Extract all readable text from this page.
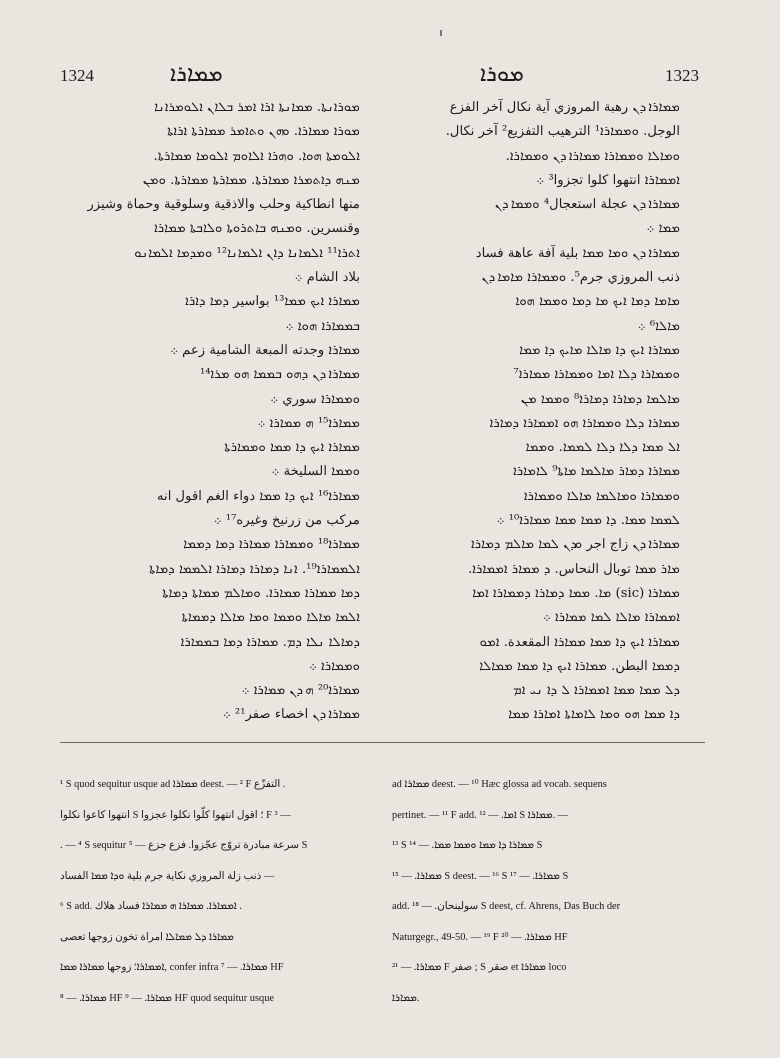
1324	ܡܡܐܪܐ	ܡܘܪܐ	1323

ܡܘܪܐܢܬܐ. ܡܡܐܢܬܐ ܐܪܐ ܐܡܪ ܒܠܐܢ ܐܠܘܡܪܐܢܐ

ܡܘܪܐ ܡܡܐܪܐ. ܘܗܢ ܘܬܐܡܪ ܡܡܐܪܬܐ ܐܪܐܬܐ

ܐܠܘܡܬܐ ܗܘܐ. ܘܗܪܐ ܐܠܐܘܡ ܐܠܘܡܐ ܡܡܐܪܬܐ.

ܡܢܗ ܕܐܬܡܪܐ ܡܡܐܪܬܐ. ܡܡܐܪܬܐ ܡܡܐܪܬܐ. ܘܡܢ

منها انطاكية وحلب والاذقية وسلوقية وحماة وشيزر

وقنسرين. ܘܡܢܗ ܒܐܬܪܘܬܐ ܘܠܐܒܬܐ ܡܡܐܪܐ

ܐܬܪܐ¹¹ ܐܠܡܐܢܐ ܕܐܢ ܐܠܡܐܢܐ¹² ܘܡܕܡܐ ܐܠܡܐܢܘ

بلاد الشام ܀

ܡܡܐܪܐ ܐܝܟ ܡܡܐ¹³ بواسير ܕܡܐ ܕܐܪܐ

ܒܡܡܐܪܐ ܗܘܐ ܀

ܡܡܐܪܐ وجدته المبعة الشامية زعم ܀

ܡܡܐܪܐ ܕܢ ܕܗܘ ܒܡܡܐ ܗܘ ܡܪܐ¹⁴

ܘܡܡܐܪܐ سوري ܀

ܡܡܐܪܐ¹⁵ ܗ ܡܡܐܪܐ ܀

ܡܡܐܪܐ ܐܝܟ ܕܐ ܡܡܐ ܘܡܡܐܪܬܐ

ܘܡܡܐ السليخة ܀

ܡܡܐܪܐ¹⁶ ܐܝܟ ܕܐ ܡܡܐ دواء الغم اقول انه

مركب من زرنيخ وغيره¹⁷ ܀

ܡܡܐܪܐ¹⁸ ܘܡܡܐܪܐ ܡܡܐܪܐ ܕܡܐ ܕܡܡܐ

ܐܠܡܡܐܪܐ¹⁹. ܐܢܐ ܕܡܐܪܐ ܕܡܐܪܐ ܐܠܡܡܐ ܕܡܐܬܐ

ܕܡܐ ܡܡܐܪܐ ܡܡܐܪܐ. ܘܡܐܠܡ ܡܡܐܬܐ ܕܡܐܬܐ

ܐܠܡܐ ܡܐܠܐ ܘܡܡܐ ܘܡܐ ܡܐܠܐ ܕܡܡܐܬܐ

ܕܡܐܠܐ ܢܠܐ ܕܡ. ܡܡܐܪܐ ܕܡܐ ܒܡܡܐܪܐ

ܘܡܡܐܪܐ ܀

ܡܡܐܪܐ²⁰ ܗ ܕܢ ܡܡܐܪܐ ܀

ܡܡܐܪܐ ܕܢ اخصاء صفر²¹ ܀

ܡܡܐܪܐ ܕܢ رهبة المروزي آية نكال آخر الفزع

الوجل. ܘܡܡܐܪܐ¹ الترهيب التفزيع² آخر نكال.

ܘܡܐܠܐ ܘܡܡܐܪܐ ܡܡܐܪܐ ܕܢ ܘܡܡܐܪܐ.

ܐܡܡܐܪܐ انتهوا كلوا تجزوا³ ܀

ܡܡܐܪܐ ܕܢ عجلة استعجال⁴ ܘܡܡܐ ܕܢ

ܡܡܐ ܀

ܡܡܐܪܐ ܕܢ ܘܡܐ ܡܡܐ بلية آفة عاهة فساد

ذنب المروزي جرم⁵. ܘܡܡܐܪܐ ܡܐܡܐ ܕܢ

ܡܐܡܐ ܕܡܐ ܐܝܟ ܡܐ ܕܡܐ ܘܡܡܐ ܗܘܐ

ܡܐܠܐ⁶ ܀

ܡܡܐܪܐ ܐܝܟ ܕܐ ܡܐܠܐ ܡܐܝܟ ܕܐ ܡܡܐ

ܘܡܡܐܪܐ ܕܠܐ ܐܡܐ ܘܡܡܐܪܐ ܡܡܐܪܐ⁷

ܡܐܠܡܐ ܕܡܐܪܐ ܕܡܐܪܐ⁸ ܘܡܡܐ ܡܢ

ܡܡܐܪܐ ܕܠܐ ܘܡܡܐܪܐ ܗܘ ܐܡܡܐܪܐ ܕܡܐܪܐ

ܐܠ ܡܡܐ ܕܠܐ ܕܠܐ ܠܡܡܐ. ܘܡܡܐ

ܡܡܐܪܐ ܕܡܐܪ ܡܐܠܡܐ ܡܐܬܐ⁹ ܠܐܡܐܪܐ

ܘܡܡܐܪܐ ܘܡܐܠܡܐ ܡܐܠܐ ܘܡܡܐܪܐ

ܠܡܡܐ ܡܡܐ. ܕܐ ܡܡܐ ܡܡܐ ܡܡܐܪܐ¹⁰ ܀

ܡܡܐܪܐ ܕܢ زاج اجر ܘܕܢ ܠܡܐ ܡܐܠܡ ܕܡܐܪܐ

ܡܐܪ ܡܡܐ توبال النحاس. ܕ ܡܡܐܪ ܐܡܡܐܪܐ.

ܡܡܐܪܐ (sic) ܡܐ. ܡܡܐ ܕܡܐܪܐ ܕܡܡܐܪܐ ܐܡܐ

ܐܡܡܐܪܐ ܡܐܠܐ ܠܡܐ ܡܡܐܪܐ ܀

ܡܡܐܪܐ ܐܝܟ ܕܐ ܡܡܐ ܡܡܐܪܐ المقعدة. ܐܡܘ

ܕܡܡܐ البطن. ܡܡܐܪܐ ܐܝܟ ܕܐ ܡܡܐ ܡܡܐܠܐ

ܕܠ ܡܡܐ ܡܡܐ ܐܡܡܐܪܐ ܠ ܕܐ ܢܝ ܐܡ

ܕܐ ܡܡܐ ܗܘ ܘܡܐ ܠܐܡܐܬܐ ܐܡܐܪܐ ܡܡܐ

¹ S quod sequitur usque ad ܡܡܐܪܐ deest. — ² F التفزّع .

انتهوا كاعوا نكلوا S ؛ اقول انتهوا كلّوا نكلوا عجزوا F ³ —

. — ⁴ S sequitur سرعة مبادرة تروّج عجّزوا. فزع جزع — ⁵ S

ذنب زلة المروزي نكاية جرم بلية ܘܕܐ ܡܡܐ الفساد —

⁶ S add. ܐܡܡܐܪܐ. ܡܡܐܪܐ ܗ ܡܡܐܪܐ فساد هلاك .

ܡܡܐܪܐ ܕܠ ܡܡܐܠܐ امراة تخون زوجها تعصى

ܐܡܡܐܪܐ؛ زوجها ܡܡܐܪܐ ܡܡܐ, confer infra ܡܡܐܪܐ. — ⁷ HF

ܡܡܐܪܐ. — ⁸ HF ܡܡܐܪܐ. — ⁹ HF quod sequitur usque

ad ܡܡܐܪܐ deest. — ¹⁰ Hæc glossa ad vocab. sequens

pertinet. — ¹¹ F add. ܐܡܐ. — ¹² S ܡܡܐܪܐ. —

¹³ S ܡܡܐܪܐ ܕܐ ܡܡܐ ܘܡܡܐ ܡܡܐ. — ¹⁴ S

ܡܡܐܪܐ. — ¹⁵ S deest. — ¹⁶ S ܡܡܐܪܐ. — ¹⁷ S

add. سولينحان. — ¹⁸ S deest, cf. Ahrens, Das Buch der

Naturgegr., 49-50. — ¹⁹ F ܡܡܐܪܐ. — ²⁰ HF

ܡܡܐܪܐ. — ²¹ F صفر ; S صقر et ܡܡܐܪܐ loco

ܡܡܐܪܐ.
